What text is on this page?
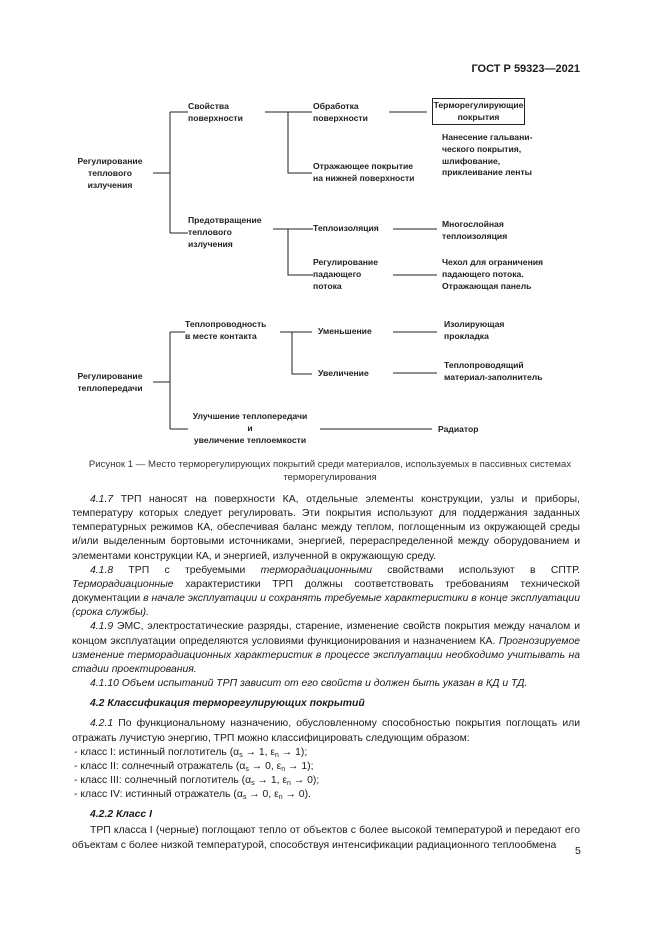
ГОСТ Р 59323—2021
Регулирование
теплового
излучения
Свойства
поверхности
Обработка
поверхности
Терморегулирующие
покрытия
Нанесение гальвани-
ческого покрытия,
шлифование,
приклеивание ленты
Отражающее покрытие
на нижней поверхности
Предотвращение
теплового
излучения
Теплоизоляция	Многослойная
теплоизоляция
Регулирование
падающего
потока
Чехол для ограничения
падающего потока.
Отражающая панель
Регулирование
теплопередачи
Теплопроводность
в месте контакта	Уменьшение
Изолирующая
прокладка
Увеличение
Теплопроводящий
материал-заполнитель
Улучшение теплопередачи
и
увеличение теплоемкости
Радиатор
Рисунок 1 — Место терморегулирующих покрытий среди материалов, используемых в пассивных системах терморегулирования

4.1.7 ТРП наносят на поверхности КА, отдельные элементы конструкции, узлы и приборы, температуру которых следует регулировать. Эти покрытия используют для поддержания заданных температурных режимов КА, обеспечивая баланс между теплом, поглощенным из окружающей среды и/или выделенным бортовыми источниками, энергией, перераспределенной между оборудованием и элементами конструкции КА, и энергией, излученной в окружающую среду.

4.1.8 ТРП с требуемыми терморадиационными свойствами используют в СПТР. Терморадиационные характеристики ТРП должны соответствовать требованиям технической документации в начале эксплуатации и сохранять требуемые характеристики в конце эксплуатации (срока службы).

4.1.9 ЭМС, электростатические разряды, старение, изменение свойств покрытия между началом и концом эксплуатации определяются условиями функционирования и назначением КА. Прогнозируемое изменение терморадиационных характеристик в процессе эксплуатации необходимо учитывать на стадии проектирования.

4.1.10 Объем испытаний ТРП зависит от его свойств и должен быть указан в КД и ТД.

4.2 Классификация терморегулирующих покрытий

4.2.1 По функциональному назначению, обусловленному способностью покрытия поглощать или отражать лучистую энергию, ТРП можно классифицировать следующим образом:

- класс I: истинный поглотитель ($\alpha_s \to 1$, $\varepsilon_n \to 1$);

- класс II: солнечный отражатель ($\alpha_s \to 0$, $\varepsilon_n \to 1$);

- класс III: солнечный поглотитель ($\alpha_s \to 1$, $\varepsilon_n \to 0$);

- класс IV: истинный отражатель ($\alpha_s \to 0$, $\varepsilon_n \to 0$).

4.2.2 Класс I

ТРП класса I (черные) поглощают тепло от объектов с более высокой температурой и передают его объектам с более низкой температурой, способствуя интенсификации радиационного теплообмена	5
